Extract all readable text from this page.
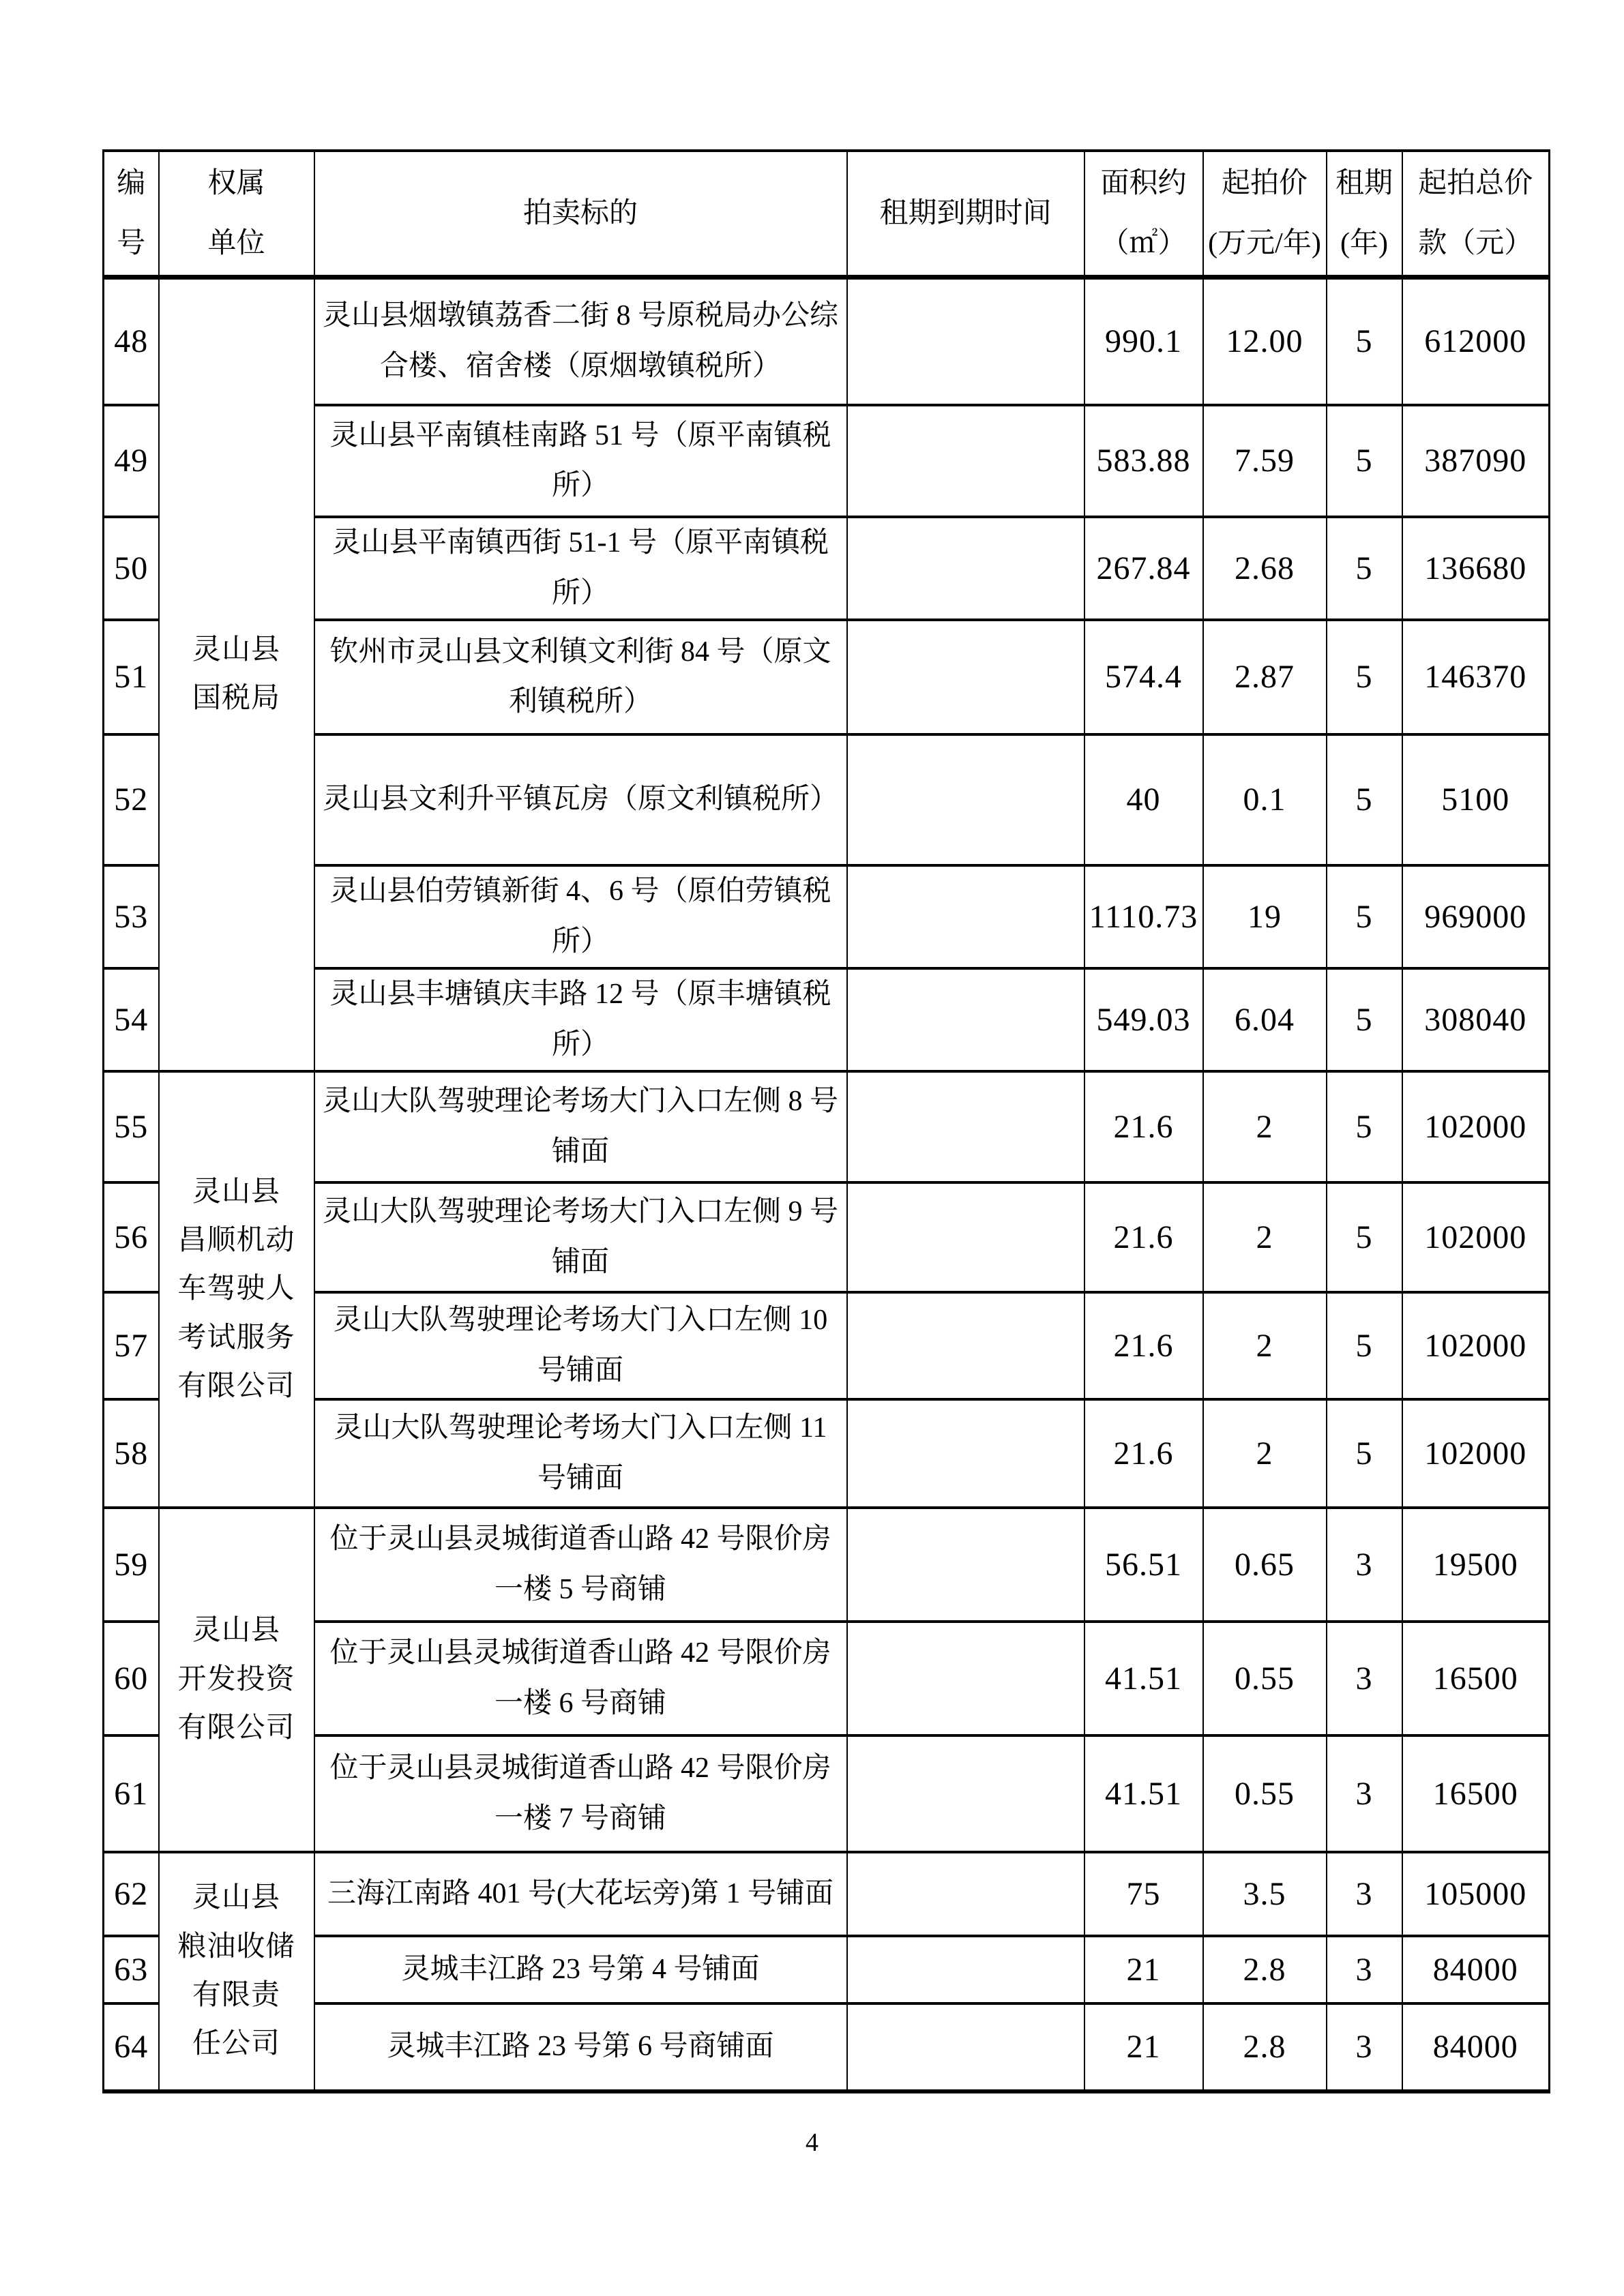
编号	权属单位	拍卖标的	租期到期时间	面积约（㎡）	起拍价(万元/年)	租期(年)	起拍总价款（元）
48	灵山县国税局	灵山县烟墩镇荔香二街 8 号原税局办公综合楼、宿舍楼（原烟墩镇税所）		990.1	12.00	5	612000
49		灵山县平南镇桂南路 51 号（原平南镇税所）		583.88	7.59	5	387090
50		灵山县平南镇西街 51-1 号（原平南镇税所）		267.84	2.68	5	136680
51		钦州市灵山县文利镇文利街 84 号（原文利镇税所）		574.4	2.87	5	146370
52		灵山县文利升平镇瓦房（原文利镇税所）		40	0.1	5	5100
53		灵山县伯劳镇新街 4、6 号（原伯劳镇税所）		1110.73	19	5	969000
54		灵山县丰塘镇庆丰路 12 号（原丰塘镇税所）		549.03	6.04	5	308040
55	灵山县昌顺机动车驾驶人考试服务有限公司	灵山大队驾驶理论考场大门入口左侧 8 号铺面		21.6	2	5	102000
56		灵山大队驾驶理论考场大门入口左侧 9 号铺面		21.6	2	5	102000
57		灵山大队驾驶理论考场大门入口左侧 10 号铺面		21.6	2	5	102000
58		灵山大队驾驶理论考场大门入口左侧 11 号铺面		21.6	2	5	102000
59	灵山县开发投资有限公司	位于灵山县灵城街道香山路 42 号限价房一楼 5 号商铺		56.51	0.65	3	19500
60		位于灵山县灵城街道香山路 42 号限价房一楼 6 号商铺		41.51	0.55	3	16500
61		位于灵山县灵城街道香山路 42 号限价房一楼 7 号商铺		41.51	0.55	3	16500
62	灵山县粮油收储有限责任公司	三海江南路 401 号(大花坛旁)第 1 号铺面		75	3.5	3	105000
63		灵城丰江路 23 号第 4 号铺面		21	2.8	3	84000
64		灵城丰江路 23 号第 6 号商铺面		21	2.8	3	84000
4
